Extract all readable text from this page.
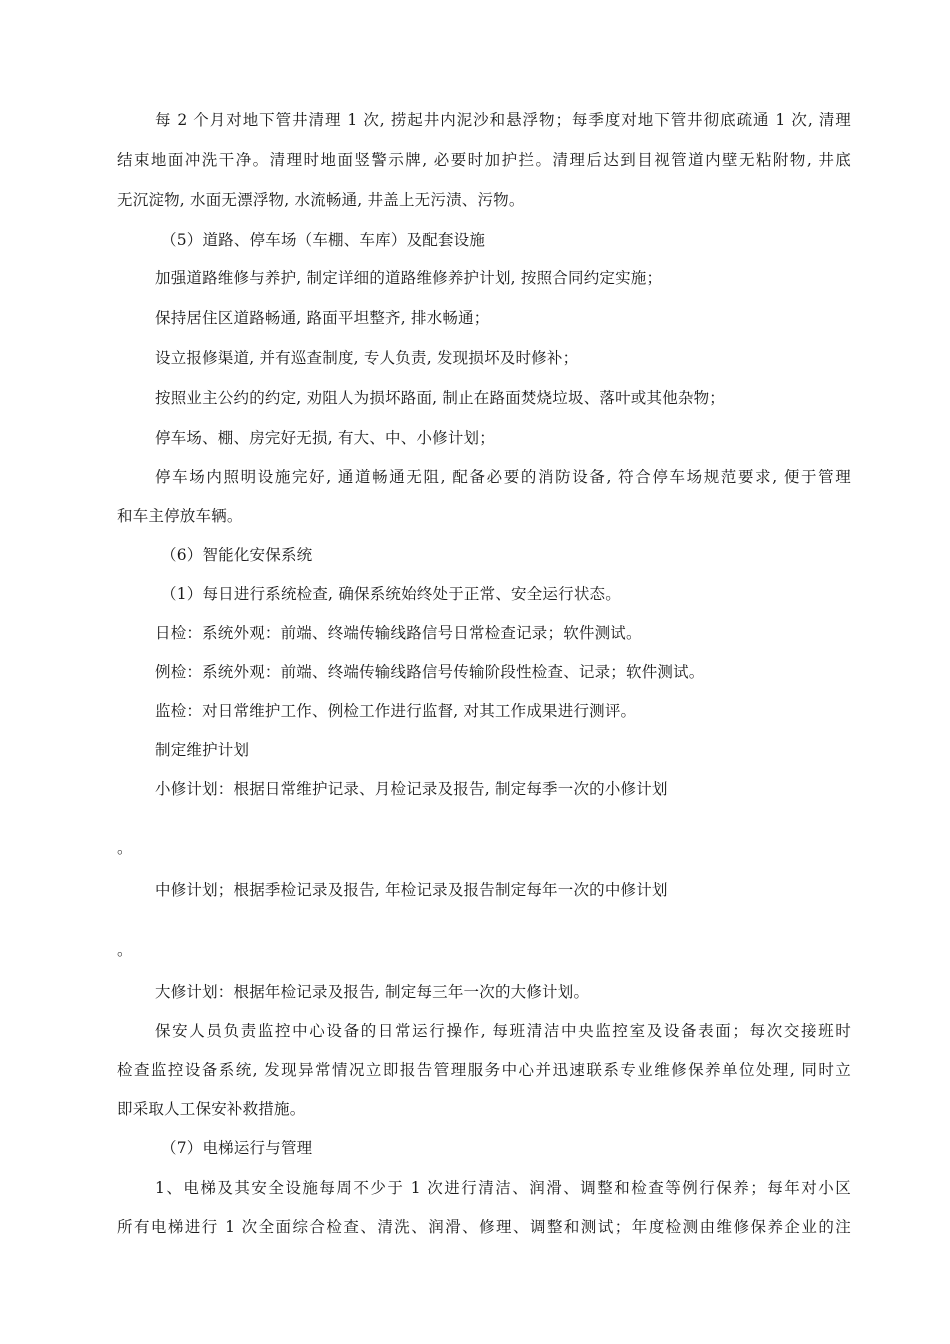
每 2 个月对地下管井清理 1 次, 捞起井内泥沙和悬浮物；每季度对地下管井彻底疏通 1 次, 清理
结束地面冲洗干净。清理时地面竖警示牌, 必要时加护拦。清理后达到目视管道内壁无粘附物, 井底
无沉淀物, 水面无漂浮物, 水流畅通, 井盖上无污渍、污物。
（5）道路、停车场（车棚、车库）及配套设施
加强道路维修与养护, 制定详细的道路维修养护计划, 按照合同约定实施；
保持居住区道路畅通, 路面平坦整齐, 排水畅通；
设立报修渠道, 并有巡查制度, 专人负责, 发现损坏及时修补；
按照业主公约的约定, 劝阻人为损坏路面, 制止在路面焚烧垃圾、落叶或其他杂物；
停车场、棚、房完好无损, 有大、中、小修计划；
停车场内照明设施完好, 通道畅通无阻, 配备必要的消防设备, 符合停车场规范要求, 便于管理
和车主停放车辆。
（6）智能化安保系统
（1）每日进行系统检查, 确保系统始终处于正常、安全运行状态。
日检：系统外观：前端、终端传输线路信号日常检查记录；软件测试。
例检：系统外观：前端、终端传输线路信号传输阶段性检查、记录；软件测试。
监检：对日常维护工作、例检工作进行监督, 对其工作成果进行测评。
制定维护计划
小修计划：根据日常维护记录、月检记录及报告, 制定每季一次的小修计划
。
中修计划；根据季检记录及报告, 年检记录及报告制定每年一次的中修计划
。
大修计划：根据年检记录及报告, 制定每三年一次的大修计划。
保安人员负责监控中心设备的日常运行操作, 每班清洁中央监控室及设备表面；每次交接班时
检查监控设备系统, 发现异常情况立即报告管理服务中心并迅速联系专业维修保养单位处理, 同时立
即采取人工保安补救措施。
（7）电梯运行与管理
1、电梯及其安全设施每周不少于 1 次进行清洁、润滑、调整和检查等例行保养；每年对小区
所有电梯进行 1 次全面综合检查、清洗、润滑、修理、调整和测试；年度检测由维修保养企业的注
